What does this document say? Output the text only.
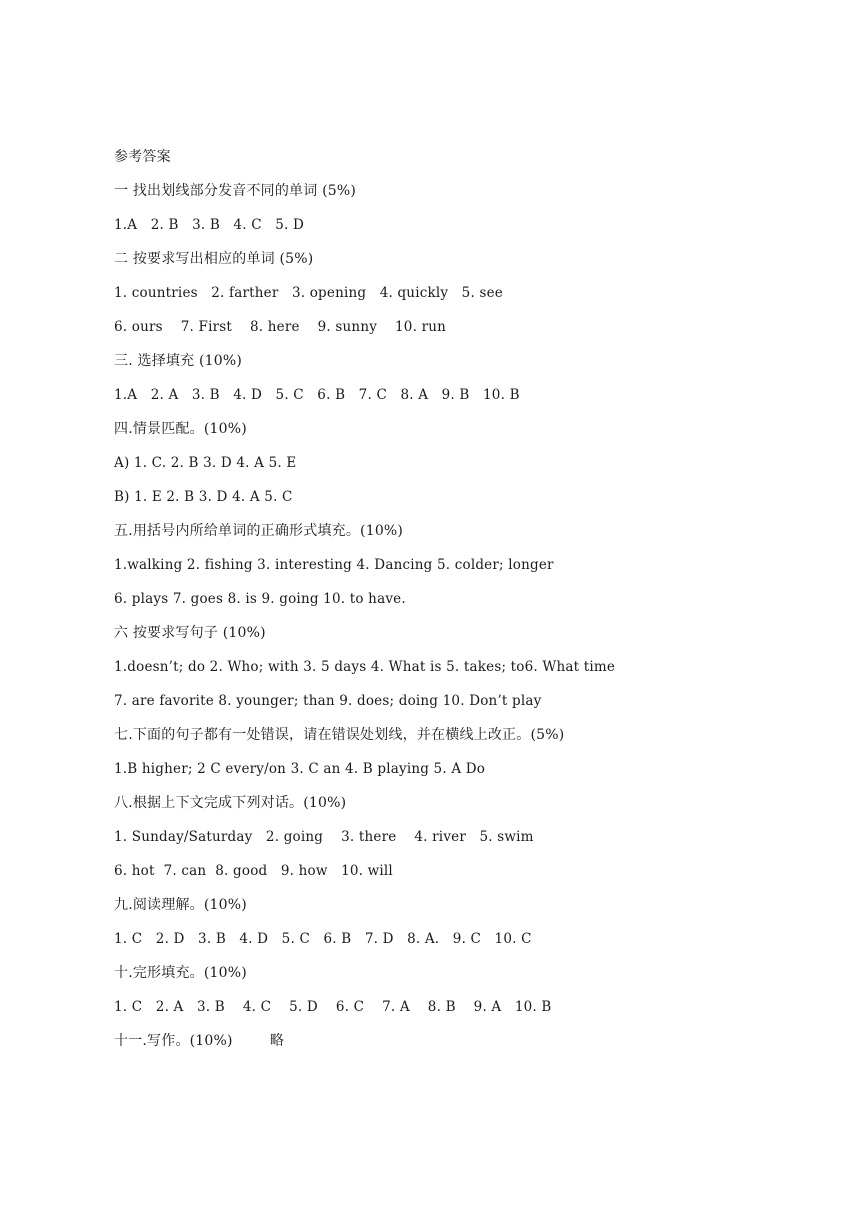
参考答案
一 找出划线部分发音不同的单词 (5%)
1.A   2. B   3. B   4. C   5. D
二 按要求写出相应的单词 (5%)
1. countries   2. farther   3. opening   4. quickly   5. see
6. ours    7. First    8. here    9. sunny    10. run
三. 选择填充 (10%)
1.A   2. A   3. B   4. D   5. C   6. B   7. C   8. A   9. B   10. B
四.情景匹配。(10%)
A) 1. C. 2. B 3. D 4. A 5. E
B) 1. E 2. B 3. D 4. A 5. C
五.用括号内所给单词的正确形式填充。(10%)
1.walking 2. fishing 3. interesting 4. Dancing 5. colder; longer
6. plays 7. goes 8. is 9. going 10. to have.
六 按要求写句子 (10%)
1.doesn’t; do 2. Who; with 3. 5 days 4. What is 5. takes; to6. What time
7. are favorite 8. younger; than 9. does; doing 10. Don’t play
七.下面的句子都有一处错误，请在错误处划线，并在横线上改正。(5%)
1.B higher; 2 C every/on 3. C an 4. B playing 5. A Do
八.根据上下文完成下列对话。(10%)
1. Sunday/Saturday   2. going    3. there    4. river   5. swim
6. hot  7. can  8. good   9. how   10. will
九.阅读理解。(10%)
1. C   2. D   3. B   4. D   5. C   6. B   7. D   8. A.   9. C   10. C
十.完形填充。(10%)
1. C   2. A   3. B    4. C    5. D    6. C    7. A    8. B    9. A   10. B
十一.写作。(10%)        略
